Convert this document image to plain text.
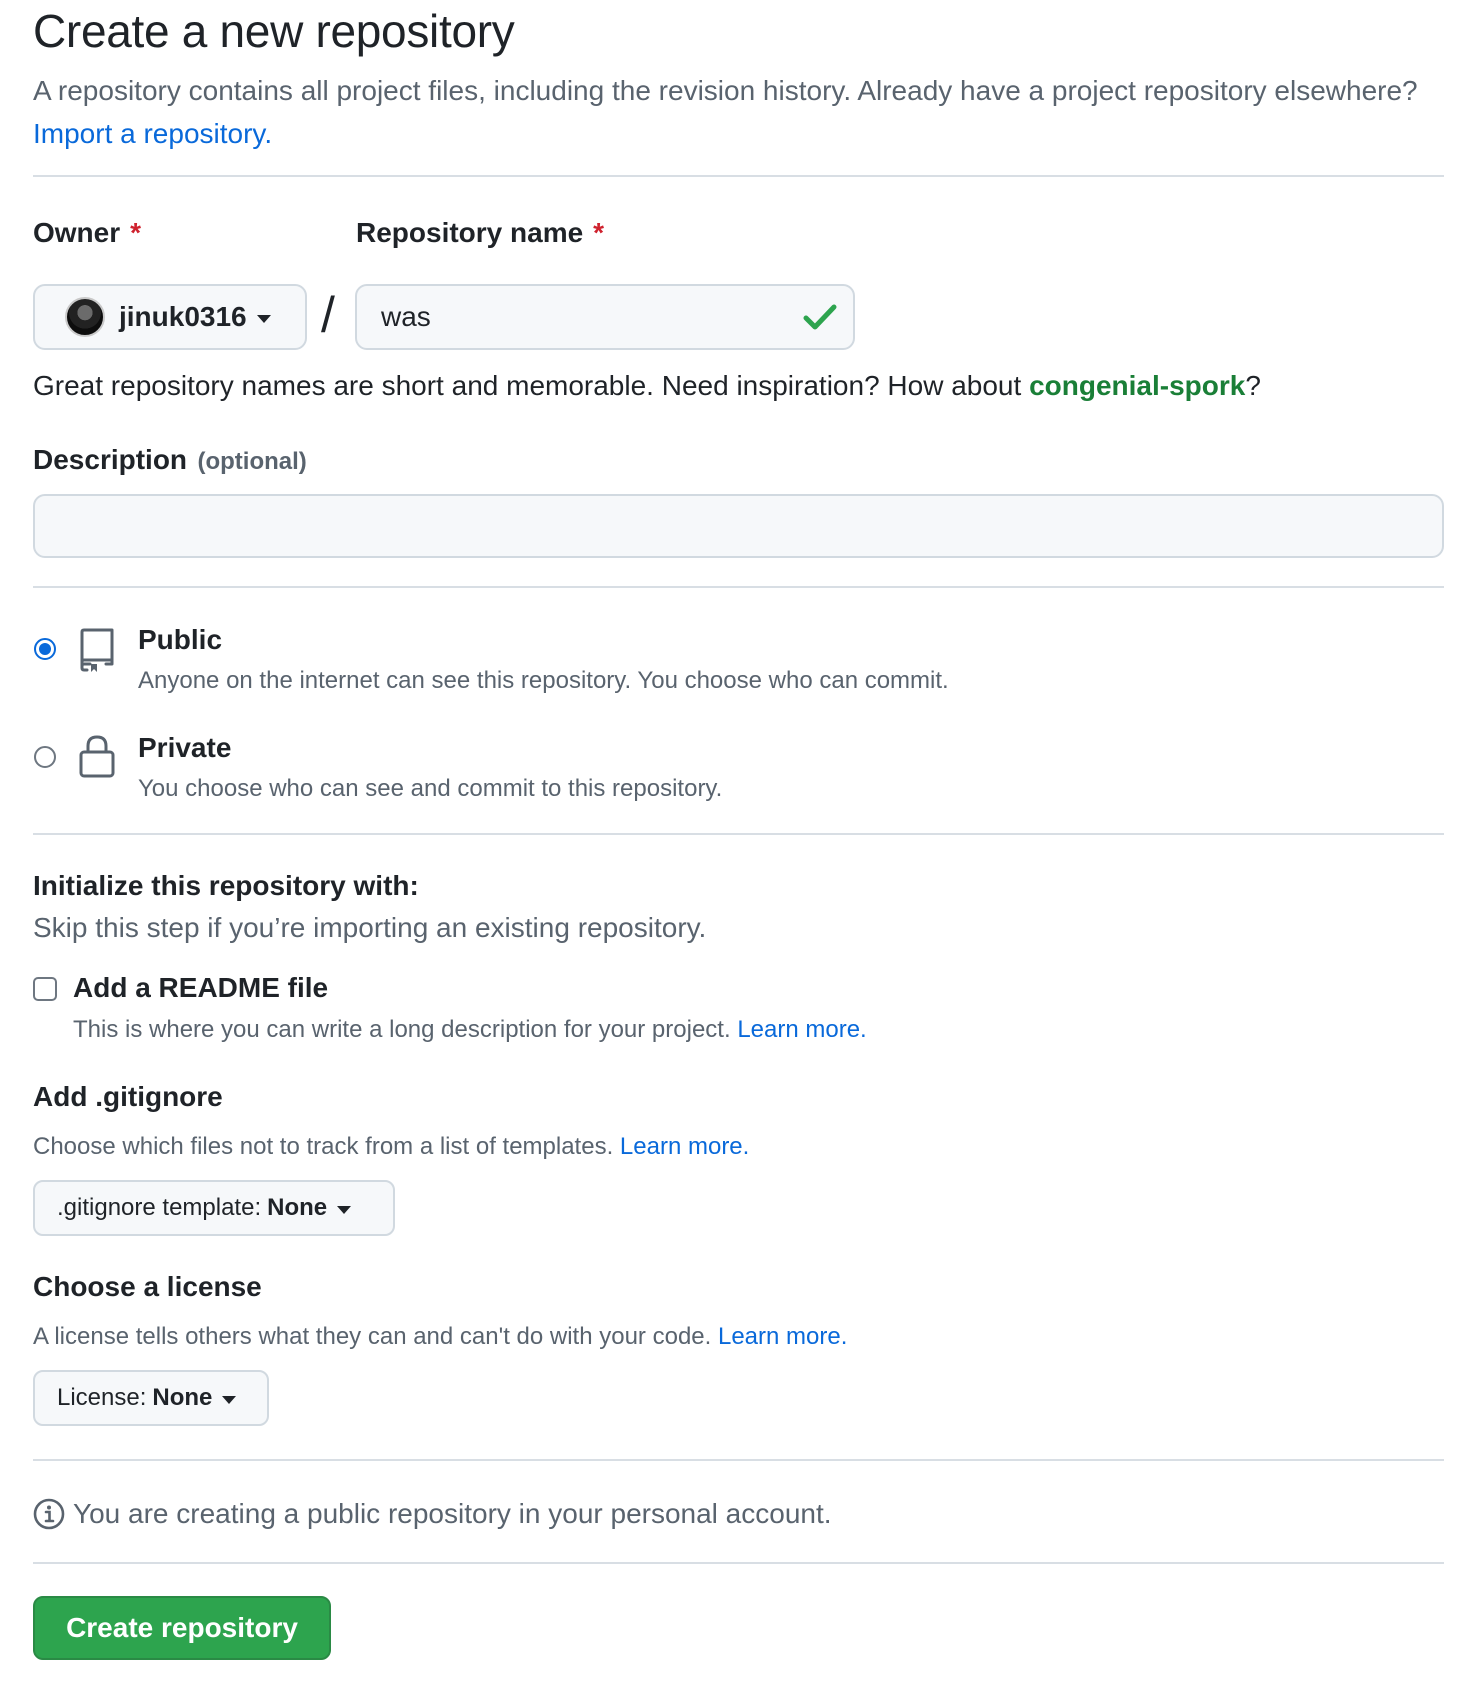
Create a new repository
A repository contains all project files, including the revision history. Already have a project repository elsewhere? Import a repository.
Owner *	Repository name *
jinuk0316 / was
Great repository names are short and memorable. Need inspiration? How about congenial-spork?
Description (optional)
Public
Anyone on the internet can see this repository. You choose who can commit.
Private
You choose who can see and commit to this repository.
Initialize this repository with:
Skip this step if you’re importing an existing repository.
Add a README file
This is where you can write a long description for your project. Learn more.
Add .gitignore
Choose which files not to track from a list of templates. Learn more.
.gitignore template: None
Choose a license
A license tells others what they can and can't do with your code. Learn more.
License: None
You are creating a public repository in your personal account.
Create repository
